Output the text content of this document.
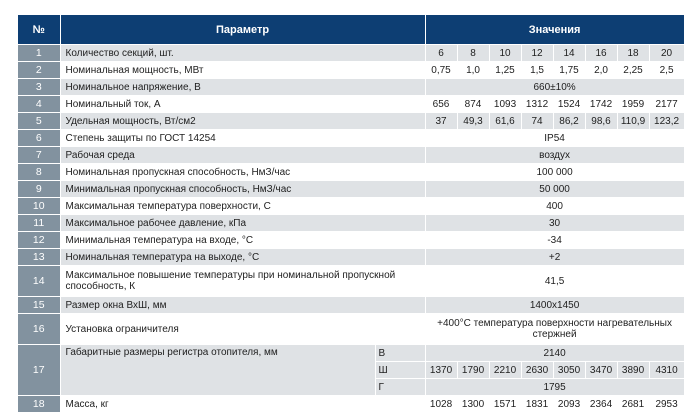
№	Параметр		Значения							
1	Количество секций, шт.		6	8	10	12	14	16	18	20
2	Номинальная мощность, МВт		0,75	1,0	1,25	1,5	1,75	2,0	2,25	2,5
3	Номинальное напряжение, В		660±10%							
4	Номинальный ток, А		656	874	1093	1312	1524	1742	1959	2177
5	Удельная мощность, Вт/см2		37	49,3	61,6	74	86,2	98,6	110,9	123,2
6	Степень защиты по ГОСТ 14254		IP54							
7	Рабочая среда		воздух							
8	Номинальная пропускная способность, НмЗ/час		100 000							
9	Минимальная пропускная способность, НмЗ/час		50 000							
10	Максимальная температура поверхности, С		400							
11	Максимальное рабочее давление, кПа		30							
12	Минимальная температура на входе, °С		-34							
13	Номинальная температура на выходе, °С		+2							
14	Максимальное повышение температуры при номинальной пропускной способность, К		41,5							
15	Размер окна ВхШ, мм		1400х1450							
16	Установка ограничителя		+400°С температура поверхности нагревательных стержней							
17	Габаритные размеры регистра отопителя, мм	В	2140							
		Ш	1370	1790	2210	2630	3050	3470	3890	4310
		Г	1795							
18	Масса, кг		1028	1300	1571	1831	2093	2364	2681	2953
